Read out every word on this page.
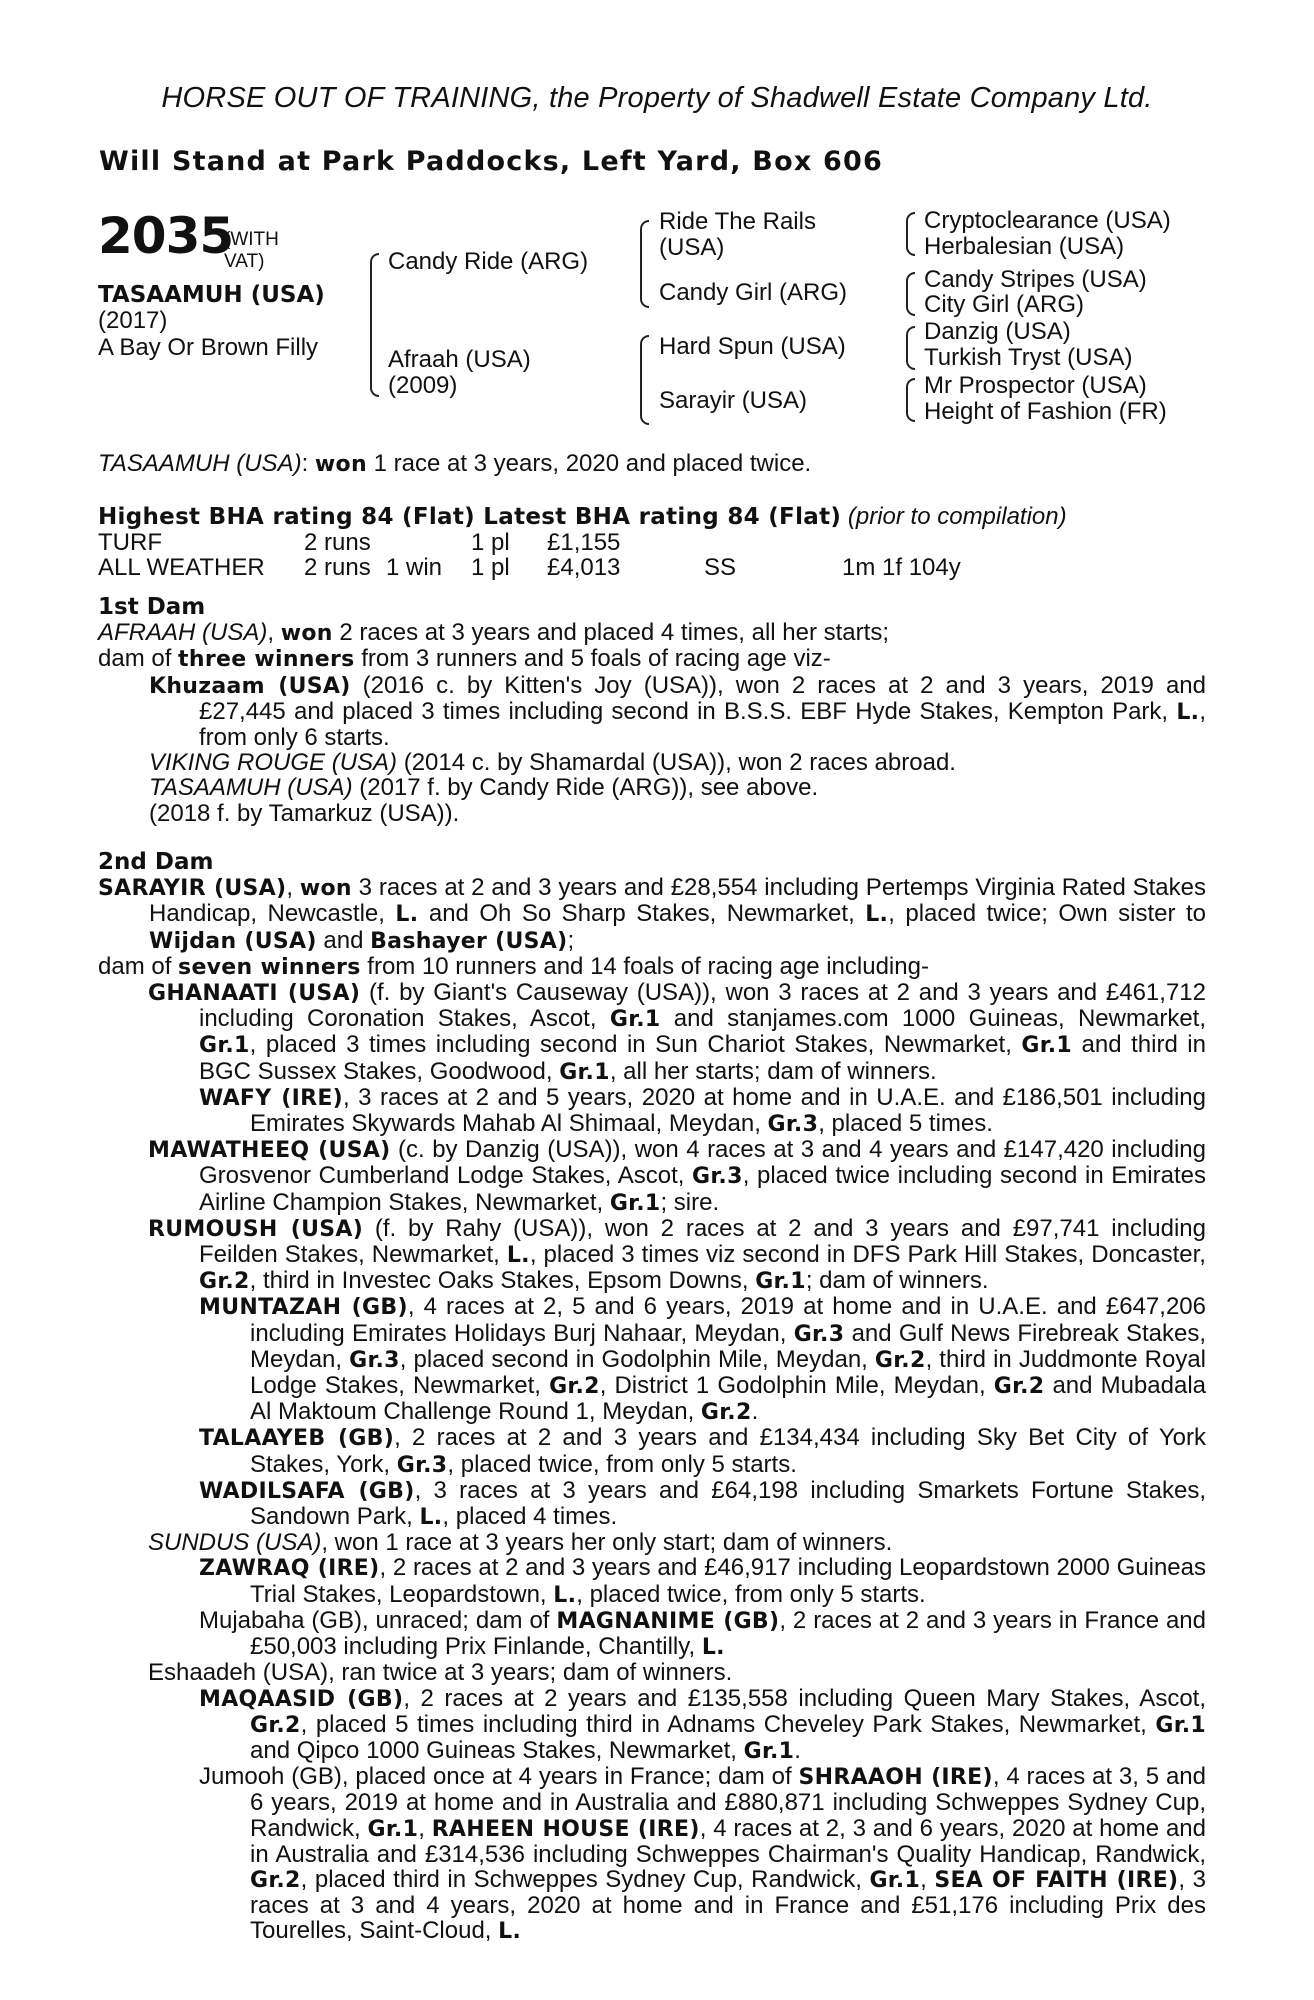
HORSE OUT OF TRAINING, the Property of Shadwell Estate Company Ltd.
Will Stand at Park Paddocks, Left Yard, Box 606
2035
(WITH VAT)
TASAAMUH (USA)
(2017)
A Bay Or Brown Filly
Candy Ride (ARG)
Afraah (USA)
(2009)
Ride The Rails
(USA)
Candy Girl (ARG)
Hard Spun (USA)
Sarayir (USA)
Cryptoclearance (USA)
Herbalesian (USA)
Candy Stripes (USA)
City Girl (ARG)
Danzig (USA)
Turkish Tryst (USA)
Mr Prospector (USA)
Height of Fashion (FR)
TASAAMUH (USA): won 1 race at 3 years, 2020 and placed twice.
Highest BHA rating 84 (Flat) Latest BHA rating 84 (Flat) (prior to compilation)
TURF	2 runs		1 pl	£1,155		
ALL WEATHER	2 runs	1 win	1 pl	£4,013	SS	1m 1f 104y

1st Dam

AFRAAH (USA), won 2 races at 3 years and placed 4 times, all her starts;

dam of three winners from 3 runners and 5 foals of racing age viz-

Khuzaam (USA) (2016 c. by Kitten's Joy (USA)), won 2 races at 2 and 3 years, 2019 and £27,445 and placed 3 times including second in B.S.S. EBF Hyde Stakes, Kempton Park, L., from only 6 starts.

VIKING ROUGE (USA) (2014 c. by Shamardal (USA)), won 2 races abroad.

TASAAMUH (USA) (2017 f. by Candy Ride (ARG)), see above.

(2018 f. by Tamarkuz (USA)).

2nd Dam

SARAYIR (USA), won 3 races at 2 and 3 years and £28,554 including Pertemps Virginia Rated Stakes Handicap, Newcastle, L. and Oh So Sharp Stakes, Newmarket, L., placed twice; Own sister to Wijdan (USA) and Bashayer (USA);

dam of seven winners from 10 runners and 14 foals of racing age including-

GHANAATI (USA) (f. by Giant's Causeway (USA)), won 3 races at 2 and 3 years and £461,712 including Coronation Stakes, Ascot, Gr.1 and stanjames.com 1000 Guineas, Newmarket, Gr.1, placed 3 times including second in Sun Chariot Stakes, Newmarket, Gr.1 and third in BGC Sussex Stakes, Goodwood, Gr.1, all her starts; dam of winners.

WAFY (IRE), 3 races at 2 and 5 years, 2020 at home and in U.A.E. and £186,501 including Emirates Skywards Mahab Al Shimaal, Meydan, Gr.3, placed 5 times.

MAWATHEEQ (USA) (c. by Danzig (USA)), won 4 races at 3 and 4 years and £147,420 including Grosvenor Cumberland Lodge Stakes, Ascot, Gr.3, placed twice including second in Emirates Airline Champion Stakes, Newmarket, Gr.1; sire.

RUMOUSH (USA) (f. by Rahy (USA)), won 2 races at 2 and 3 years and £97,741 including Feilden Stakes, Newmarket, L., placed 3 times viz second in DFS Park Hill Stakes, Doncaster, Gr.2, third in Investec Oaks Stakes, Epsom Downs, Gr.1; dam of winners.

MUNTAZAH (GB), 4 races at 2, 5 and 6 years, 2019 at home and in U.A.E. and £647,206 including Emirates Holidays Burj Nahaar, Meydan, Gr.3 and Gulf News Firebreak Stakes, Meydan, Gr.3, placed second in Godolphin Mile, Meydan, Gr.2, third in Juddmonte Royal Lodge Stakes, Newmarket, Gr.2, District 1 Godolphin Mile, Meydan, Gr.2 and Mubadala Al Maktoum Challenge Round 1, Meydan, Gr.2.

TALAAYEB (GB), 2 races at 2 and 3 years and £134,434 including Sky Bet City of York Stakes, York, Gr.3, placed twice, from only 5 starts.

WADILSAFA (GB), 3 races at 3 years and £64,198 including Smarkets Fortune Stakes, Sandown Park, L., placed 4 times.

SUNDUS (USA), won 1 race at 3 years her only start; dam of winners.

ZAWRAQ (IRE), 2 races at 2 and 3 years and £46,917 including Leopardstown 2000 Guineas Trial Stakes, Leopardstown, L., placed twice, from only 5 starts.

Mujabaha (GB), unraced; dam of MAGNANIME (GB), 2 races at 2 and 3 years in France and £50,003 including Prix Finlande, Chantilly, L.

Eshaadeh (USA), ran twice at 3 years; dam of winners.

MAQAASID (GB), 2 races at 2 years and £135,558 including Queen Mary Stakes, Ascot, Gr.2, placed 5 times including third in Adnams Cheveley Park Stakes, Newmarket, Gr.1 and Qipco 1000 Guineas Stakes, Newmarket, Gr.1.

Jumooh (GB), placed once at 4 years in France; dam of SHRAAOH (IRE), 4 races at 3, 5 and 6 years, 2019 at home and in Australia and £880,871 including Schweppes Sydney Cup, Randwick, Gr.1, RAHEEN HOUSE (IRE), 4 races at 2, 3 and 6 years, 2020 at home and in Australia and £314,536 including Schweppes Chairman's Quality Handicap, Randwick, Gr.2, placed third in Schweppes Sydney Cup, Randwick, Gr.1, SEA OF FAITH (IRE), 3 races at 3 and 4 years, 2020 at home and in France and £51,176 including Prix des Tourelles, Saint-Cloud, L.
